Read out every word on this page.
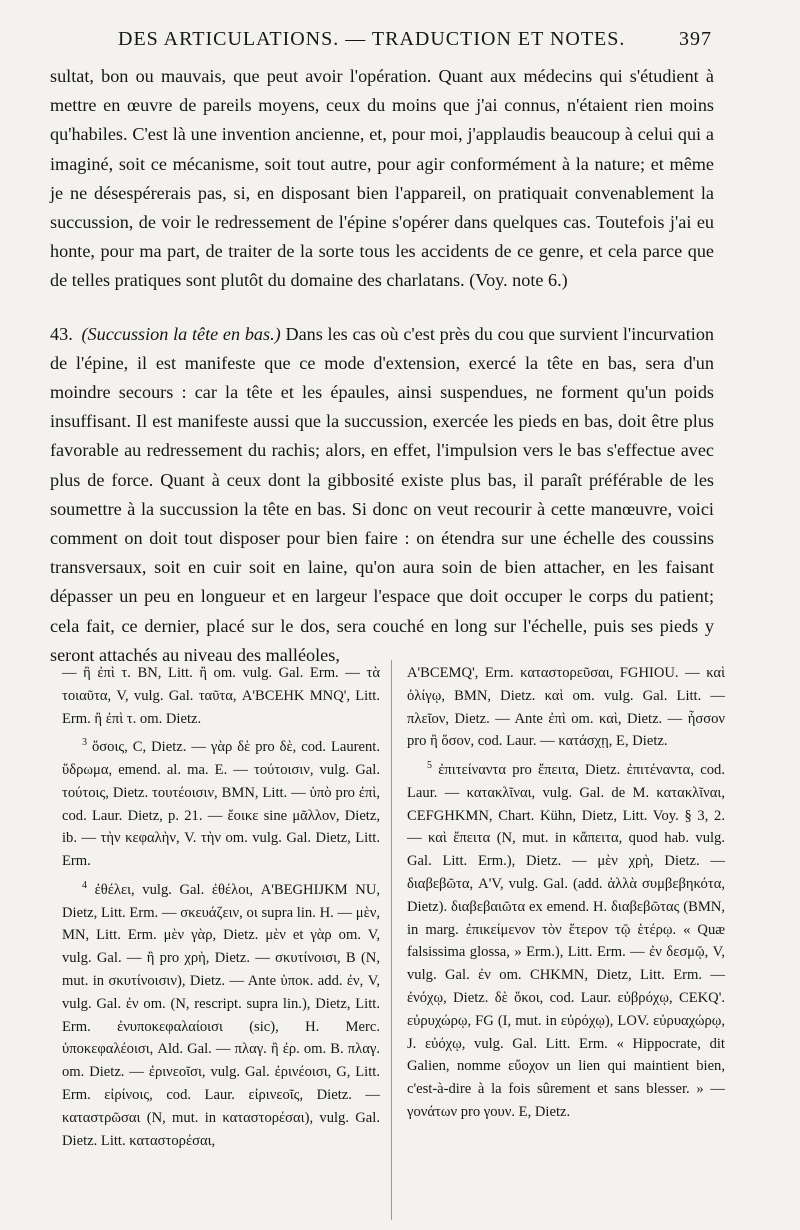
DES ARTICULATIONS. — TRADUCTION ET NOTES.	397

sultat, bon ou mauvais, que peut avoir l'opération. Quant aux médecins qui s'étudient à mettre en œuvre de pareils moyens, ceux du moins que j'ai connus, n'étaient rien moins qu'habiles. C'est là une invention ancienne, et, pour moi, j'applaudis beaucoup à celui qui a imaginé, soit ce mécanisme, soit tout autre, pour agir conformément à la nature; et même je ne désespérerais pas, si, en disposant bien l'appareil, on pratiquait convenablement la succussion, de voir le redressement de l'épine s'opérer dans quelques cas. Toutefois j'ai eu honte, pour ma part, de traiter de la sorte tous les accidents de ce genre, et cela parce que de telles pratiques sont plutôt du domaine des charlatans. (Voy. note 6.)

43. (Succussion la tête en bas.) Dans les cas où c'est près du cou que survient l'incurvation de l'épine, il est manifeste que ce mode d'extension, exercé la tête en bas, sera d'un moindre secours : car la tête et les épaules, ainsi suspendues, ne forment qu'un poids insuffisant. Il est manifeste aussi que la succussion, exercée les pieds en bas, doit être plus favorable au redressement du rachis; alors, en effet, l'impulsion vers le bas s'effectue avec plus de force. Quant à ceux dont la gibbosité existe plus bas, il paraît préférable de les soumettre à la succussion la tête en bas. Si donc on veut recourir à cette manœuvre, voici comment on doit tout disposer pour bien faire : on étendra sur une échelle des coussins transversaux, soit en cuir soit en laine, qu'on aura soin de bien attacher, en les faisant dépasser un peu en longueur et en largeur l'espace que doit occuper le corps du patient; cela fait, ce dernier, placé sur le dos, sera couché en long sur l'échelle, puis ses pieds y seront attachés au niveau des malléoles,

— ἢ ἐπὶ τ. BN, Litt. ἢ om. vulg. Gal. Erm. — τὰ τοιαῦτα, V, vulg. Gal. ταῦτα, A'BCEHK MNQ', Litt. Erm. ἢ ἐπὶ τ. om. Dietz.

$^3$ ὅσοις, C, Dietz. — γὰρ δὲ pro δὲ, cod. Laurent. ὕδρωμα, emend. al. ma. E. — τούτοισιν, vulg. Gal. τούτοις, Dietz. τουτέοισιν, BMN, Litt. — ὑπὸ pro ἐπὶ, cod. Laur. Dietz, p. 21. — ἔοικε sine μᾶλλον, Dietz, ib. — τὴν κεφαλὴν, V. τὴν om. vulg. Gal. Dietz, Litt. Erm.

$^4$ ἐθέλει, vulg. Gal. ἐθέλοι, A'BEGHIJKM NU, Dietz, Litt. Erm. — σκευάζειν, οι supra lin. H. — μὲν, MN, Litt. Erm. μὲν γὰρ, Dietz. μὲν et γὰρ om. V, vulg. Gal. — ἢ pro χρὴ, Dietz. — σκυτίνοισι, B (N, mut. in σκυτίνοισιν), Dietz. — Ante ὑποκ. add. ἐν, V, vulg. Gal. ἐν om. (N, rescript. supra lin.), Dietz, Litt. Erm. ἐνυποκεφαλαίοισι (sic), H. Merc. ὑποκεφαλέοισι, Ald. Gal. — πλαγ. ἢ ἐρ. om. B. πλαγ. om. Dietz. — ἐρινεοῖσι, vulg. Gal. ἐρινέοισι, G, Litt. Erm. εἰρίνοις, cod. Laur. εἰρινεοῖς, Dietz. — καταστρῶσαι (N, mut. in καταστορέσαι), vulg. Gal. Dietz. Litt. καταστορέσαι,

A'BCEMQ', Erm. καταστορεῦσαι, FGHIOU. — καὶ ὀλίγῳ, BMN, Dietz. καὶ om. vulg. Gal. Litt. — πλεῖον, Dietz. — Ante ἐπὶ om. καὶ, Dietz. — ἧσσον pro ἢ ὅσον, cod. Laur. — κατάσχῃ, E, Dietz.

$^5$ ἐπιτείναντα pro ἔπειτα, Dietz. ἐπιτέναντα, cod. Laur. — κατακλῖναι, vulg. Gal. de M. κατακλῖναι, CEFGHKMN, Chart. Kühn, Dietz, Litt. Voy. § 3, 2. — καὶ ἔπειτα (N, mut. in κἄπειτα, quod hab. vulg. Gal. Litt. Erm.), Dietz. — μὲν χρὴ, Dietz. — διαβεβῶτα, A'V, vulg. Gal. (add. ἀλλὰ συμβεβηκότα, Dietz). διαβεβαιῶτα ex emend. H. διαβεβῶτας (BMN, in marg. ἐπικείμενον τὸν ἕτερον τῷ ἑτέρῳ. « Quæ falsissima glossa, » Erm.), Litt. Erm. — ἐν δεσμῷ, V, vulg. Gal. ἐν om. CHKMN, Dietz, Litt. Erm. — ἐνόχῳ, Dietz. δὲ ὅκοι, cod. Laur. εὐβρόχῳ, CEKQ'. εὐρυχώρῳ, FG (I, mut. in εὐρόχῳ), LOV. εὐρυαχώρῳ, J. εὐόχῳ, vulg. Gal. Litt. Erm. « Hippocrate, dit Galien, nomme εὔοχον un lien qui maintient bien, c'est-à-dire à la fois sûrement et sans blesser. » — γονάτων pro γουν. E, Dietz.
